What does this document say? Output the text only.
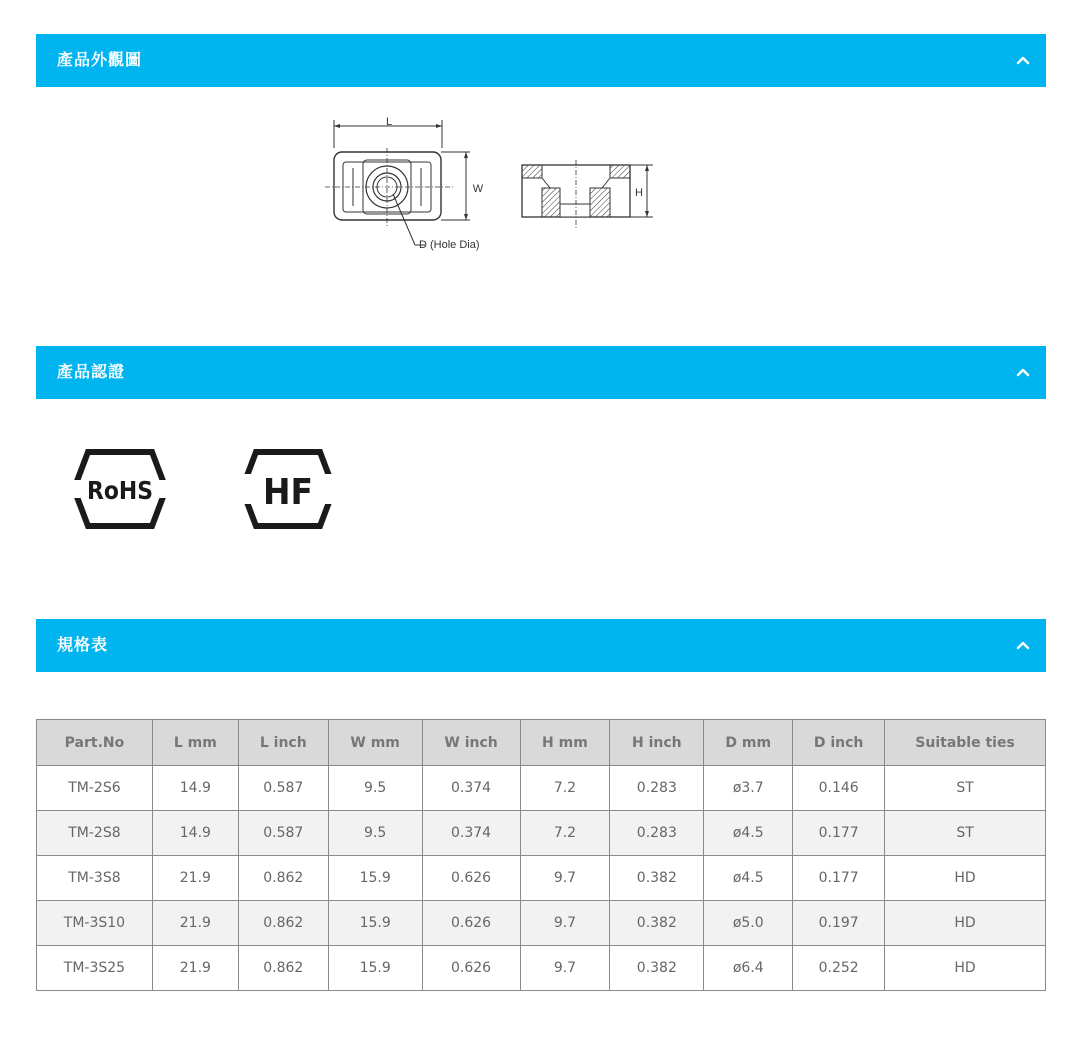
產品外觀圖
L
W
D (Hole Dia)
H
產品認證
RoHS	HF
規格表
Part.No	L mm	L inch	W mm	W inch	H mm	H inch	D mm	D inch	Suitable ties
TM-2S6	14.9	0.587	9.5	0.374	7.2	0.283	ø3.7	0.146	ST
TM-2S8	14.9	0.587	9.5	0.374	7.2	0.283	ø4.5	0.177	ST
TM-3S8	21.9	0.862	15.9	0.626	9.7	0.382	ø4.5	0.177	HD
TM-3S10	21.9	0.862	15.9	0.626	9.7	0.382	ø5.0	0.197	HD
TM-3S25	21.9	0.862	15.9	0.626	9.7	0.382	ø6.4	0.252	HD
